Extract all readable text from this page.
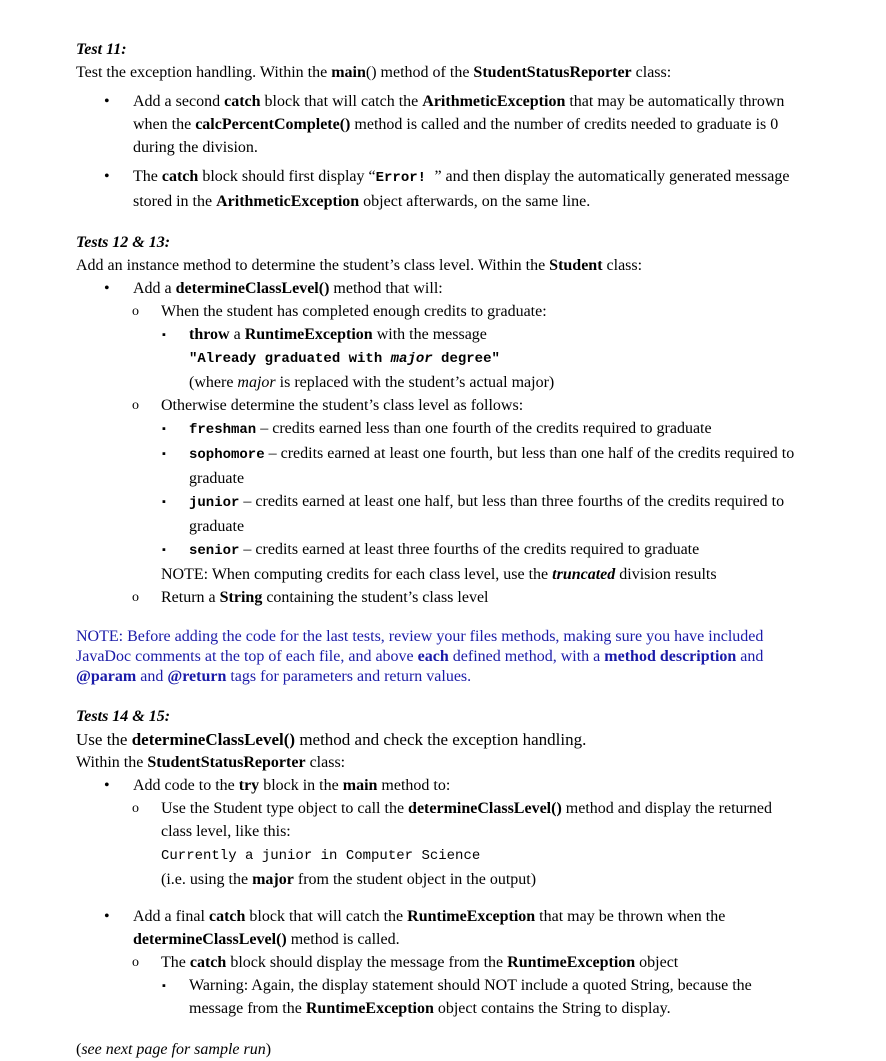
Test 11:
Test the exception handling. Within the main() method of the StudentStatusReporter class:
• Add a second catch block that will catch the ArithmeticException that may be automatically thrown when the calcPercentComplete() method is called and the number of credits needed to graduate is 0 during the division.
• The catch block should first display “Error! ” and then display the automatically generated message stored in the ArithmeticException object afterwards, on the same line.
Tests 12 & 13:
Add an instance method to determine the student’s class level. Within the Student class:
• Add a determineClassLevel() method that will:
o When the student has completed enough credits to graduate:
▪ throw a RuntimeException with the message
"Already graduated with major degree"
(where major is replaced with the student’s actual major)
o Otherwise determine the student’s class level as follows:
▪ freshman – credits earned less than one fourth of the credits required to graduate
▪ sophomore – credits earned at least one fourth, but less than one half of the credits required to graduate
▪ junior – credits earned at least one half, but less than three fourths of the credits required to graduate
▪ senior – credits earned at least three fourths of the credits required to graduate
NOTE: When computing credits for each class level, use the truncated division results
o Return a String containing the student’s class level
NOTE: Before adding the code for the last tests, review your files methods, making sure you have included JavaDoc comments at the top of each file, and above each defined method, with a method description and @param and @return tags for parameters and return values.
Tests 14 & 15:
Use the determineClassLevel() method and check the exception handling.
Within the StudentStatusReporter class:
• Add code to the try block in the main method to:
o Use the Student type object to call the determineClassLevel() method and display the returned class level, like this:
Currently a junior in Computer Science
(i.e. using the major from the student object in the output)
• Add a final catch block that will catch the RuntimeException that may be thrown when the determineClassLevel() method is called.
o The catch block should display the message from the RuntimeException object
▪ Warning: Again, the display statement should NOT include a quoted String, because the message from the RuntimeException object contains the String to display.
(see next page for sample run)
